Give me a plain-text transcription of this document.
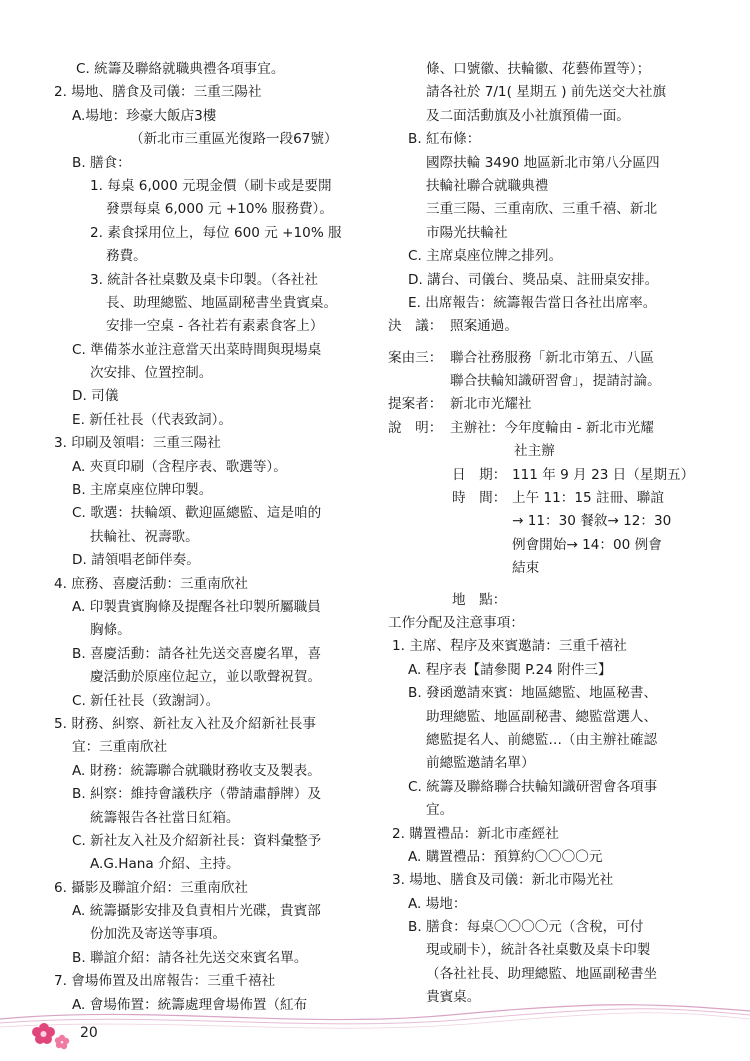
C. 統籌及聯絡就職典禮各項事宜。
2. 場地、膳食及司儀：三重三陽社
A.場地：珍豪大飯店3樓
（新北市三重區光復路一段67號）
B. 膳食：
1. 每桌 6,000 元現金價（刷卡或是要開
發票每桌 6,000 元 +10% 服務費）。
2. 素食採用位上，每位 600 元 +10% 服
務費。
3. 統計各社桌數及桌卡印製。（各社社
長、助理總監、地區副秘書坐貴賓桌。
安排一空桌 - 各社若有素素食客上）
C. 準備茶水並注意當天出菜時間與現場桌
次安排、位置控制。
D. 司儀
E. 新任社長（代表致詞）。
3. 印刷及領唱：三重三陽社
A. 夾頁印刷（含程序表、歌選等）。
B. 主席桌座位牌印製。
C. 歌選：扶輪頌、歡迎區總監、這是咱的
扶輪社、祝壽歌。
D. 請領唱老師伴奏。
4. 庶務、喜慶活動：三重南欣社
A. 印製貴賓胸條及提醒各社印製所屬職員
胸條。
B. 喜慶活動：請各社先送交喜慶名單，喜
慶活動於原座位起立，並以歌聲祝賀。
C. 新任社長（致謝詞）。
5. 財務、糾察、新社友入社及介紹新社長事
宜：三重南欣社
A. 財務：統籌聯合就職財務收支及製表。
B. 糾察：維持會議秩序（帶請肅靜牌）及
統籌報告各社當日紅箱。
C. 新社友入社及介紹新社長：資料彙整予
A.G.Hana 介紹、主持。
6. 攝影及聯誼介紹：三重南欣社
A. 統籌攝影安排及負責相片光碟，貴賓部
份加洗及寄送等事項。
B. 聯誼介紹：請各社先送交來賓名單。
7. 會場佈置及出席報告：三重千禧社
A. 會場佈置：統籌處理會場佈置（紅布
條、口號徽、扶輪徽、花藝佈置等）；
請各社於 7/1( 星期五 ) 前先送交大社旗
及二面活動旗及小社旗預備一面。
B. 紅布條：
國際扶輪 3490 地區新北市第八分區四
扶輪社聯合就職典禮
三重三陽、三重南欣、三重千禧、新北
市陽光扶輪社
C. 主席桌座位牌之排列。
D. 講台、司儀台、獎品桌、註冊桌安排。
E. 出席報告：統籌報告當日各社出席率。
決　議： 照案通過。
案由三： 聯合社務服務「新北市第五、八區
聯合扶輪知識研習會」，提請討論。
提案者： 新北市光耀社
說　明： 主辦社：今年度輪由 - 新北市光耀
社主辦
日　期： 111 年 9 月 23 日（星期五）
時　間： 上午 11：15 註冊、聯誼
→ 11：30 餐敘→ 12：30
例會開始→ 14：00 例會
結束
地　點：
工作分配及注意事項：
1. 主席、程序及來賓邀請：三重千禧社
A. 程序表【請參閱 P.24 附件三】
B. 發函邀請來賓：地區總監、地區秘書、
助理總監、地區副秘書、總監當選人、
總監提名人、前總監…（由主辦社確認
前總監邀請名單）
C. 統籌及聯絡聯合扶輪知識研習會各項事
宜。
2. 購置禮品：新北市產經社
A. 購置禮品：預算約〇〇〇〇元
3. 場地、膳食及司儀：新北市陽光社
A. 場地：
B. 膳食：每桌〇〇〇〇元（含稅，可付
現或刷卡），統計各社桌數及桌卡印製
（各社社長、助理總監、地區副秘書坐
貴賓桌。
20
